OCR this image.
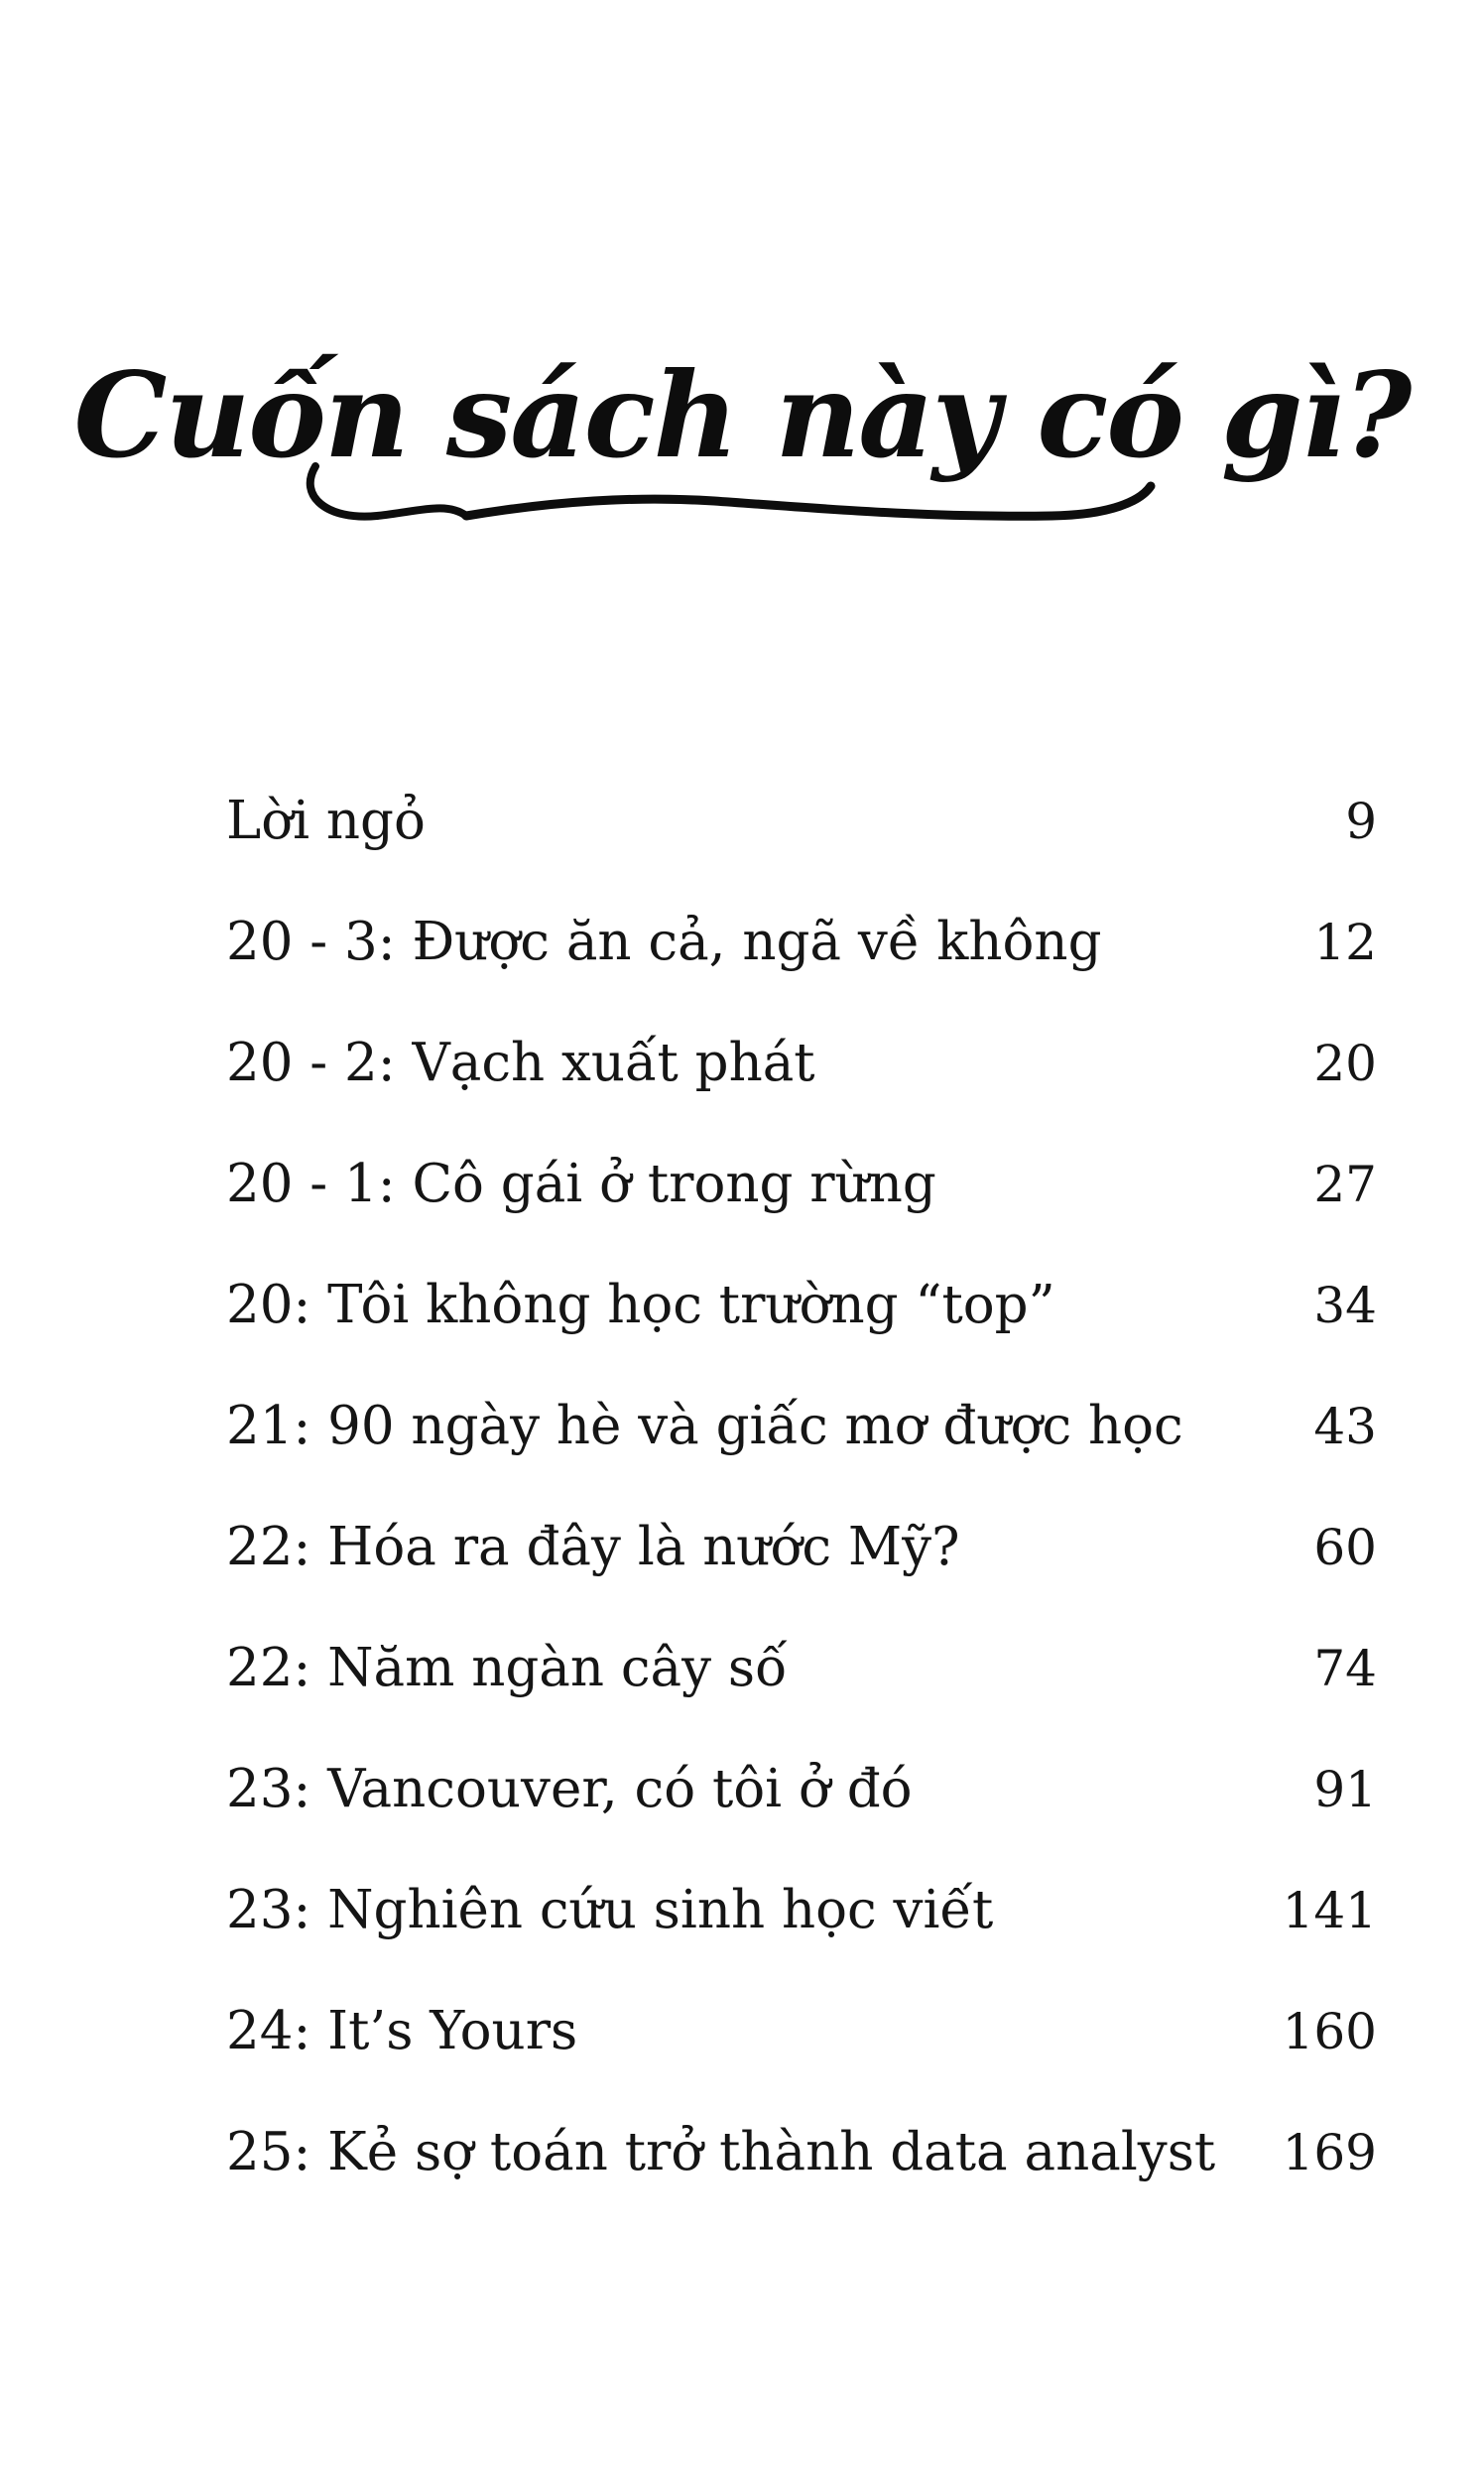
Cuốn sách này có gì?
Lời ngỏ	9
20 - 3: Được ăn cả, ngã về không	12
20 - 2: Vạch xuất phát	20
20 - 1: Cô gái ở trong rừng	27
20: Tôi không học trường “top”	34
21: 90 ngày hè và giấc mơ được học	43
22: Hóa ra đây là nước Mỹ?	60
22: Năm ngàn cây số	74
23: Vancouver, có tôi ở đó	91
23: Nghiên cứu sinh học viết	141
24: It’s Yours	160
25: Kẻ sợ toán trở thành data analyst	169
